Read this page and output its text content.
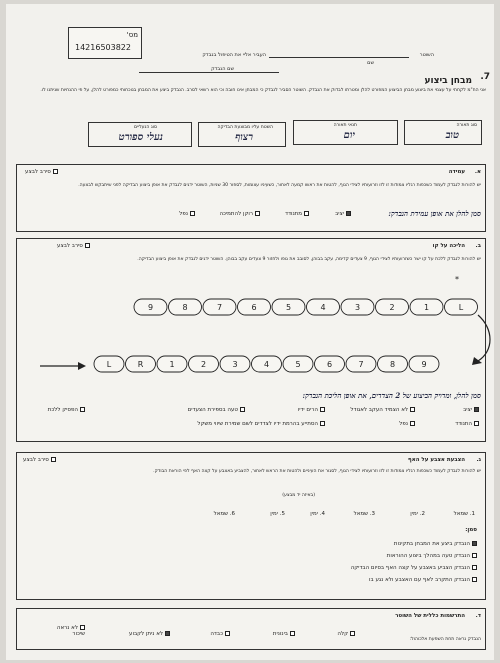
מס'
14216503822
השוטר
העביר אליי את הטיפול בנבדק
שם
שם הנבדק
7.
מבחן ביצוע
אני הח"מ לקחתי על עצמי את ביצוע מבחן הביצוע המפורט להלן ומטרתו לבדוק את הנבדק. השוטר הסביר לנבדק כי המבחן אינו חובה וכי הוא רשאי לסרב. הנבדק ביצע את המבחן בנוכחותי כמפורט להלן, על פי ההנחיות שניתנו לו.
סוג תאורה
טוב
תנאי תאורה
יום
השטח עליו מבוצעת הבדיקה
רצוף
סוג הנעליים
נעלי ספורט
א.
עמידה
סירב לבצע
יש להורות לנבדק לעמוד כשכפות רגליו צמודות זו לזו וזרועותיו לצידי הגוף, להטות את ראשו קמעה לאחור, כשעיניו עצומות, לספור 30 שניות, השוטר ידגים לנבדק את אופן ביצוע הבדיקה לפני שיתבקש לבצעה.
סמן להלן את אופן עמידת הנבדק:
יציב
מתנודד
רוקן להתמיכה
נפל
ב.
הליכה על קו
סירב לבצע
יש להורות לנבדק ללכת על קו ישר כשזרועותיו לצידי הגוף, 9 צעדים קדימה, עקב בבוהן, לסובב את גופו ולחזור 9 צעדים עקב בבוהן. השוטר ידגים לנבדק את אופן ביצוע הבדיקה.
*
סמן להלן, ומדויק הביצוע של 2 הצדדים, את אופן הליכת הנבדק:
יציב
לא הצמיד העקב לאגודל
הרים ידיו
טעה בספירת הצעדים
הפסיק ללכת
התנודד
נפל
הסתייע בהרמת ידיו לצדדים לשם שמירת שיווי משקל
9	8	7	6	5	4	3	2	1	L
L	R	1	2	3	4	5	6	7	8	9
ג.
הצבעת אצבע על האף
סירב לבצע
יש להורות לנבדק לעמוד כשכפות רגליו צמודות זו לזו וזרועותיו לצידי הגוף, לסגור את העיניים ולהטות את הראש לאחור, להצביע באצבע על קצה האף לפי הוראת הבודק.
(באיזה יד מבצע)
1. שמאל
2. ימין
3. שמאל
4. ימין
5. ימין
6. שמאל
סמן:
הנבדק ביצע את המבחן בתקינות
הנבדק טעה במהלך ביצוע ההוראות
הנבדק הצביע באצבע על קצה האף בסיום הבדיקה
הנבדק התקרב לאף עם האצבע ולא נגע בו
ד.
התרשמות כללית של השוטר
הנבדק נראה תחת השפעת אלכוהול:
קלה
בינונית
כבדה
לא ניתן לקבוע
לא נראה שיכור
